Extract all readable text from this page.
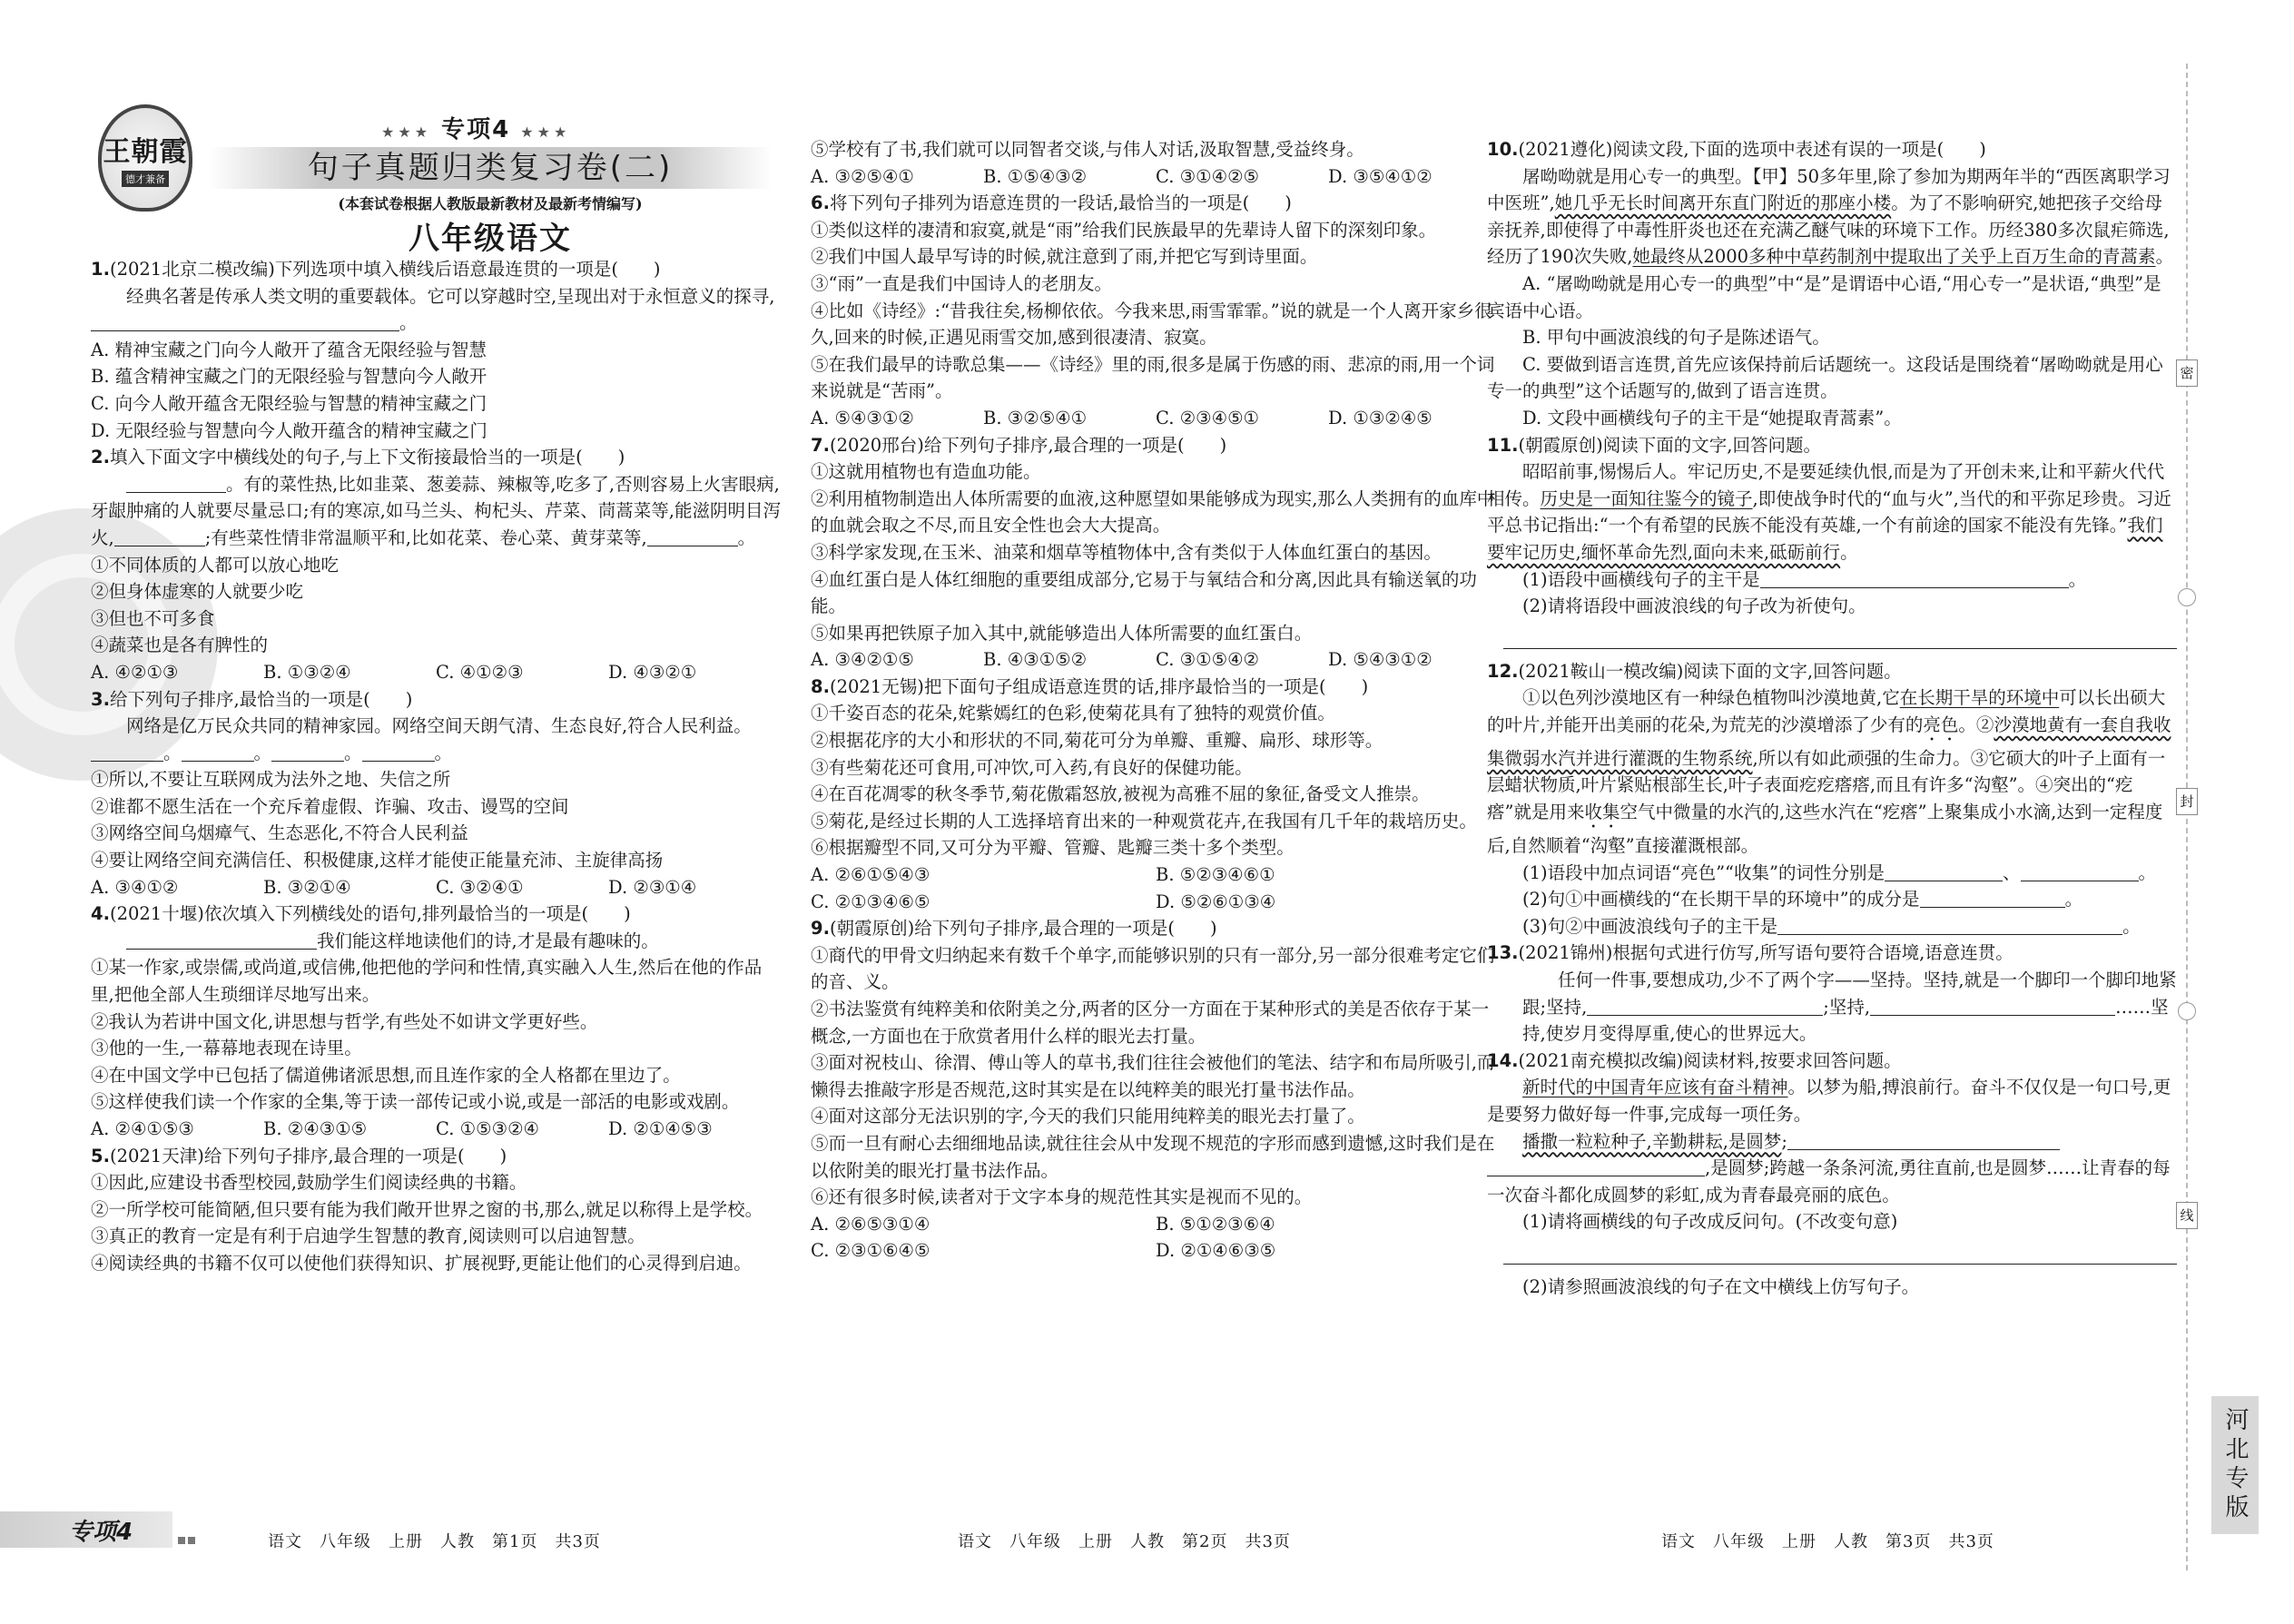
王朝霞
德才兼备
★★★ 专项4 ★★★
句子真题归类复习卷(二)
(本套试卷根据人教版最新教材及最新考情编写)
八年级语文
1.(2021北京二模改编)下列选项中填入横线后语意最连贯的一项是(　　)
经典名著是传承人类文明的重要载体。它可以穿越时空,呈现出对于永恒意义的探寻,。
A. 精神宝藏之门向今人敞开了蕴含无限经验与智慧
B. 蕴含精神宝藏之门的无限经验与智慧向今人敞开
C. 向今人敞开蕴含无限经验与智慧的精神宝藏之门
D. 无限经验与智慧向今人敞开蕴含的精神宝藏之门
2.填入下面文字中横线处的句子,与上下文衔接最恰当的一项是(　　)
。有的菜性热,比如韭菜、葱姜蒜、辣椒等,吃多了,否则容易上火害眼病,牙龈肿痛的人就要尽量忌口;有的寒凉,如马兰头、枸杞头、芹菜、茼蒿菜等,能滋阴明目泻火,	;有些菜性情非常温顺平和,比如花菜、卷心菜、黄芽菜等,	。
①不同体质的人都可以放心地吃
②但身体虚寒的人就要少吃
③但也不可多食
④蔬菜也是各有脾性的
A. ④②①③	B. ①③②④	C. ④①②③	D. ④③②①
3.给下列句子排序,最恰当的一项是(　　)
网络是亿万民众共同的精神家园。网络空间天朗气清、生态良好,符合人民利益。。	。	。	。
①所以,不要让互联网成为法外之地、失信之所
②谁都不愿生活在一个充斥着虚假、诈骗、攻击、谩骂的空间
③网络空间乌烟瘴气、生态恶化,不符合人民利益
④要让网络空间充满信任、积极健康,这样才能使正能量充沛、主旋律高扬
A. ③④①②	B. ③②①④	C. ③②④①	D. ②③①④
4.(2021十堰)依次填入下列横线处的语句,排列最恰当的一项是(　　)
我们能这样地读他们的诗,才是最有趣味的。
①某一作家,或崇儒,或尚道,或信佛,他把他的学问和性情,真实融入人生,然后在他的作品里,把他全部人生琐细详尽地写出来。
②我认为若讲中国文化,讲思想与哲学,有些处不如讲文学更好些。
③他的一生,一幕幕地表现在诗里。
④在中国文学中已包括了儒道佛诸派思想,而且连作家的全人格都在里边了。
⑤这样使我们读一个作家的全集,等于读一部传记或小说,或是一部活的电影或戏剧。
A. ②④①⑤③	B. ②④③①⑤	C. ①⑤③②④	D. ②①④⑤③
5.(2021天津)给下列句子排序,最合理的一项是(　　)
①因此,应建设书香型校园,鼓励学生们阅读经典的书籍。
②一所学校可能简陋,但只要有能为我们敞开世界之窗的书,那么,就足以称得上是学校。
③真正的教育一定是有利于启迪学生智慧的教育,阅读则可以启迪智慧。
④阅读经典的书籍不仅可以使他们获得知识、扩展视野,更能让他们的心灵得到启迪。
⑤学校有了书,我们就可以同智者交谈,与伟人对话,汲取智慧,受益终身。
A. ③②⑤④①	B. ①⑤④③②	C. ③①④②⑤	D. ③⑤④①②
6.将下列句子排列为语意连贯的一段话,最恰当的一项是(　　)
①类似这样的凄清和寂寞,就是“雨”给我们民族最早的先辈诗人留下的深刻印象。
②我们中国人最早写诗的时候,就注意到了雨,并把它写到诗里面。
③“雨”一直是我们中国诗人的老朋友。
④比如《诗经》:“昔我往矣,杨柳依依。今我来思,雨雪霏霏。”说的就是一个人离开家乡很久,回来的时候,正遇见雨雪交加,感到很凄清、寂寞。
⑤在我们最早的诗歌总集——《诗经》里的雨,很多是属于伤感的雨、悲凉的雨,用一个词来说就是“苦雨”。
A. ⑤④③①②	B. ③②⑤④①	C. ②③④⑤①	D. ①③②④⑤
7.(2020邢台)给下列句子排序,最合理的一项是(　　)
①这就用植物也有造血功能。
②利用植物制造出人体所需要的血液,这种愿望如果能够成为现实,那么人类拥有的血库中的血就会取之不尽,而且安全性也会大大提高。
③科学家发现,在玉米、油菜和烟草等植物体中,含有类似于人体血红蛋白的基因。
④血红蛋白是人体红细胞的重要组成部分,它易于与氧结合和分离,因此具有输送氧的功能。
⑤如果再把铁原子加入其中,就能够造出人体所需要的血红蛋白。
A. ③④②①⑤	B. ④③①⑤②	C. ③①⑤④②	D. ⑤④③①②
8.(2021无锡)把下面句子组成语意连贯的话,排序最恰当的一项是(　　)
①千姿百态的花朵,姹紫嫣红的色彩,使菊花具有了独特的观赏价值。
②根据花序的大小和形状的不同,菊花可分为单瓣、重瓣、扁形、球形等。
③有些菊花还可食用,可冲饮,可入药,有良好的保健功能。
④在百花凋零的秋冬季节,菊花傲霜怒放,被视为高雅不屈的象征,备受文人推崇。
⑤菊花,是经过长期的人工选择培育出来的一种观赏花卉,在我国有几千年的栽培历史。
⑥根据瓣型不同,又可分为平瓣、管瓣、匙瓣三类十多个类型。
A. ②⑥①⑤④③	B. ⑤②③④⑥①
C. ②①③④⑥⑤	D. ⑤②⑥①③④
9.(朝霞原创)给下列句子排序,最合理的一项是(　　)
①商代的甲骨文归纳起来有数千个单字,而能够识别的只有一部分,另一部分很难考定它们的音、义。
②书法鉴赏有纯粹美和依附美之分,两者的区分一方面在于某种形式的美是否依存于某一概念,一方面也在于欣赏者用什么样的眼光去打量。
③面对祝枝山、徐渭、傅山等人的草书,我们往往会被他们的笔法、结字和布局所吸引,而懒得去推敲字形是否规范,这时其实是在以纯粹美的眼光打量书法作品。
④面对这部分无法识别的字,今天的我们只能用纯粹美的眼光去打量了。
⑤而一旦有耐心去细细地品读,就往往会从中发现不规范的字形而感到遗憾,这时我们是在以依附美的眼光打量书法作品。
⑥还有很多时候,读者对于文字本身的规范性其实是视而不见的。
A. ②⑥⑤③①④	B. ⑤①②③⑥④
C. ②③①⑥④⑤	D. ②①④⑥③⑤
10.(2021遵化)阅读文段,下面的选项中表述有误的一项是(　　)
屠呦呦就是用心专一的典型。【甲】50多年里,除了参加为期两年半的“西医离职学习中医班”,她几乎无长时间离开东直门附近的那座小楼。为了不影响研究,她把孩子交给母亲抚养,即使得了中毒性肝炎也还在充满乙醚气味的环境下工作。历经380多次鼠疟筛选,经历了190次失败,她最终从2000多种中草药制剂中提取出了关乎上百万生命的青蒿素。
A. “屠呦呦就是用心专一的典型”中“是”是谓语中心语,“用心专一”是状语,“典型”是宾语中心语。
B. 甲句中画波浪线的句子是陈述语气。
C. 要做到语言连贯,首先应该保持前后话题统一。这段话是围绕着“屠呦呦就是用心专一的典型”这个话题写的,做到了语言连贯。
D. 文段中画横线句子的主干是“她提取青蒿素”。
11.(朝霞原创)阅读下面的文字,回答问题。
昭昭前事,惕惕后人。牢记历史,不是要延续仇恨,而是为了开创未来,让和平薪火代代相传。历史是一面知往鉴今的镜子,即使战争时代的“血与火”,当代的和平弥足珍贵。习近平总书记指出:“一个有希望的民族不能没有英雄,一个有前途的国家不能没有先锋。”我们要牢记历史,缅怀革命先烈,面向未来,砥砺前行。
(1)语段中画横线句子的主干是	。
(2)请将语段中画波浪线的句子改为祈使句。
12.(2021鞍山一模改编)阅读下面的文字,回答问题。
①以色列沙漠地区有一种绿色植物叫沙漠地黄,它在长期干旱的环境中可以长出硕大的叶片,并能开出美丽的花朵,为荒芜的沙漠增添了少有的亮色。②沙漠地黄有一套自我收集微弱水汽并进行灌溉的生物系统,所以有如此顽强的生命力。③它硕大的叶子上面有一层蜡状物质,叶片紧贴根部生长,叶子表面疙疙瘩瘩,而且有许多“沟壑”。④突出的“疙瘩”就是用来收集空气中微量的水汽的,这些水汽在“疙瘩”上聚集成小水滴,达到一定程度后,自然顺着“沟壑”直接灌溉根部。
(1)语段中加点词语“亮色”“收集”的词性分别是	、	。
(2)句①中画横线的“在长期干旱的环境中”的成分是	。
(3)句②中画波浪线句子的主干是	。
13.(2021锦州)根据句式进行仿写,所写语句要符合语境,语意连贯。
任何一件事,要想成功,少不了两个字——坚持。坚持,就是一个脚印一个脚印地紧跟;坚持,	;坚持,	……坚持,使岁月变得厚重,使心的世界远大。
14.(2021南充模拟改编)阅读材料,按要求回答问题。
新时代的中国青年应该有奋斗精神。以梦为船,搏浪前行。奋斗不仅仅是一句口号,更是要努力做好每一件事,完成每一项任务。
播撒一粒粒种子,辛勤耕耘,是圆梦;,是圆梦;跨越一条条河流,勇往直前,也是圆梦……让青春的每一次奋斗都化成圆梦的彩虹,成为青春最亮丽的底色。
(1)请将画横线的句子改成反问句。(不改变句意)
(2)请参照画波浪线的句子在文中横线上仿写句子。
专项4	语文　八年级　上册　人教　第1页　共3页	语文　八年级　上册　人教　第2页　共3页	语文　八年级　上册　人教　第3页　共3页
密
封
线
河北专版
